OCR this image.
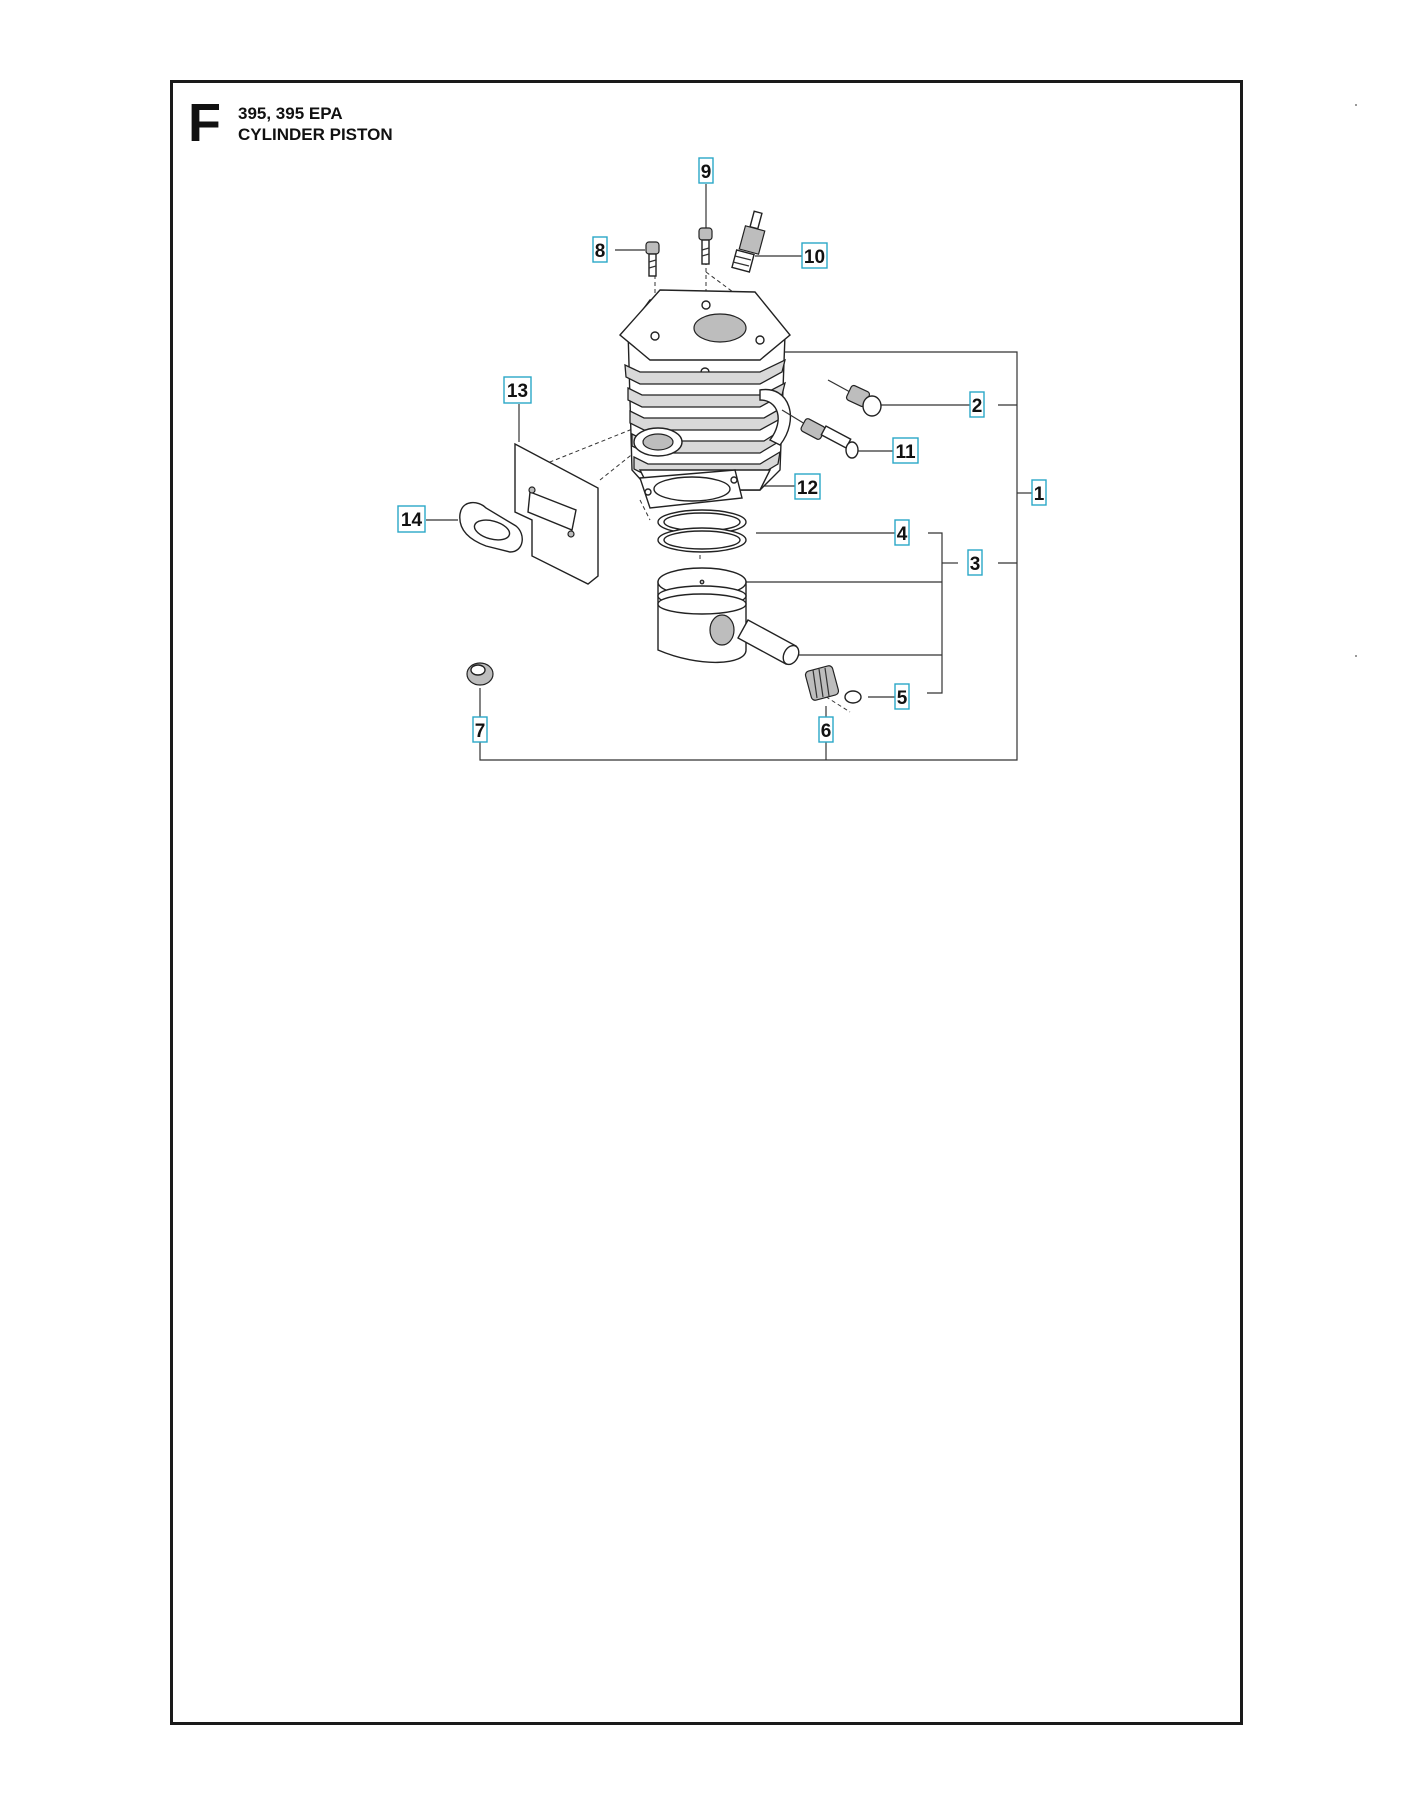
F 395, 395 EPA
CYLINDER PISTON
1
2
3
4
5
6
7
8
9
10
11
12
13
14
